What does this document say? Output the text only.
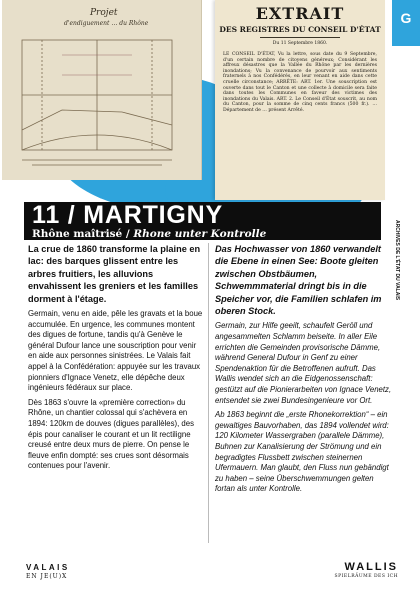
Projet
d'endiguement … du Rhône
EXTRAIT
DES REGISTRES DU CONSEIL D'ÉTAT
Du 11 Septembre 1860.
LE CONSEIL D'ÉTAT, Vu la lettre, sous date du 9 Septembre, d'un certain nombre de citoyens généreux; Considérant les affreux désastres que la Vallée du Rhône par les dernières inondations; Vu la convenance de pourvoir aux sentiments fraternels à nos Confédérés, en leur venant en aide dans cette cruelle circonstance; ARRÊTE: ART. 1er. Une souscription est ouverte dans tout le Canton et une collecte à domicile sera faite dans toutes les Communes en faveur des victimes des inondations du Valais. ART. 2. Le Conseil d'État souscrit, au nom du Canton, pour la somme de cinq cents francs (500 fr.). … Département de … présent Arrêté.
G
ARCHIVES DE L'ÉTAT DU VALAIS
11 / MARTIGNY
Rhône maîtrisé / Rhone unter Kontrolle

La crue de 1860 transforme la plaine en lac: des barques glissent entre les arbres fruitiers, les alluvions envahissent les greniers et les familles dorment à l'étage.

Germain, venu en aide, pêle les gravats et la boue accumulée. En urgence, les communes montent des digues de fortune, tandis qu'à Genève le général Dufour lance une souscription pour venir en aide aux personnes sinistrées. Le Valais fait appel à la Confédération: appuyée sur les travaux pionniers d'Ignace Venetz, elle dépêche deux ingénieurs fédéraux sur place.

Dès 1863 s'ouvre la «première correction» du Rhône, un chantier colossal qui s'achèvera en 1894: 120km de douves (digues parallèles), des épis pour canaliser le courant et un lit rectiligne creusé entre deux murs de pierre. On pense le fleuve enfin dompté: ses crues sont désormais contenues pour l'avenir.

Das Hochwasser von 1860 verwandelt die Ebene in einen See: Boote gleiten zwischen Obstbäumen, Schwemmmaterial dringt bis in die Speicher vor, die Familien schlafen im oberen Stock.

Germain, zur Hilfe geeilt, schaufelt Geröll und angesammelten Schlamm beiseite. In aller Eile errichten die Gemeinden provisorische Dämme, während General Dufour in Genf zu einer Spendenaktion für die Betroffenen aufruft. Das Wallis wendet sich an die Eidgenossenschaft: gestützt auf die Pionierarbeiten von Ignace Venetz, entsendet sie zwei Bundesingenieure vor Ort.

Ab 1863 beginnt die „erste Rhonekorrektion“ – ein gewaltiges Bauvorhaben, das 1894 vollendet wird: 120 Kilometer Wassergraben (parallele Dämme), Buhnen zur Kanalisierung der Strömung und ein begradigtes Flussbett zwischen steinernen Ufermauern. Man glaubt, den Fluss nun gebändigt zu haben – seine Überschwemmungen gelten fortan als unter Kontrolle.

VALAIS
EN JE(U)X
WALLIS
SPIELRÄUME DES ICH
